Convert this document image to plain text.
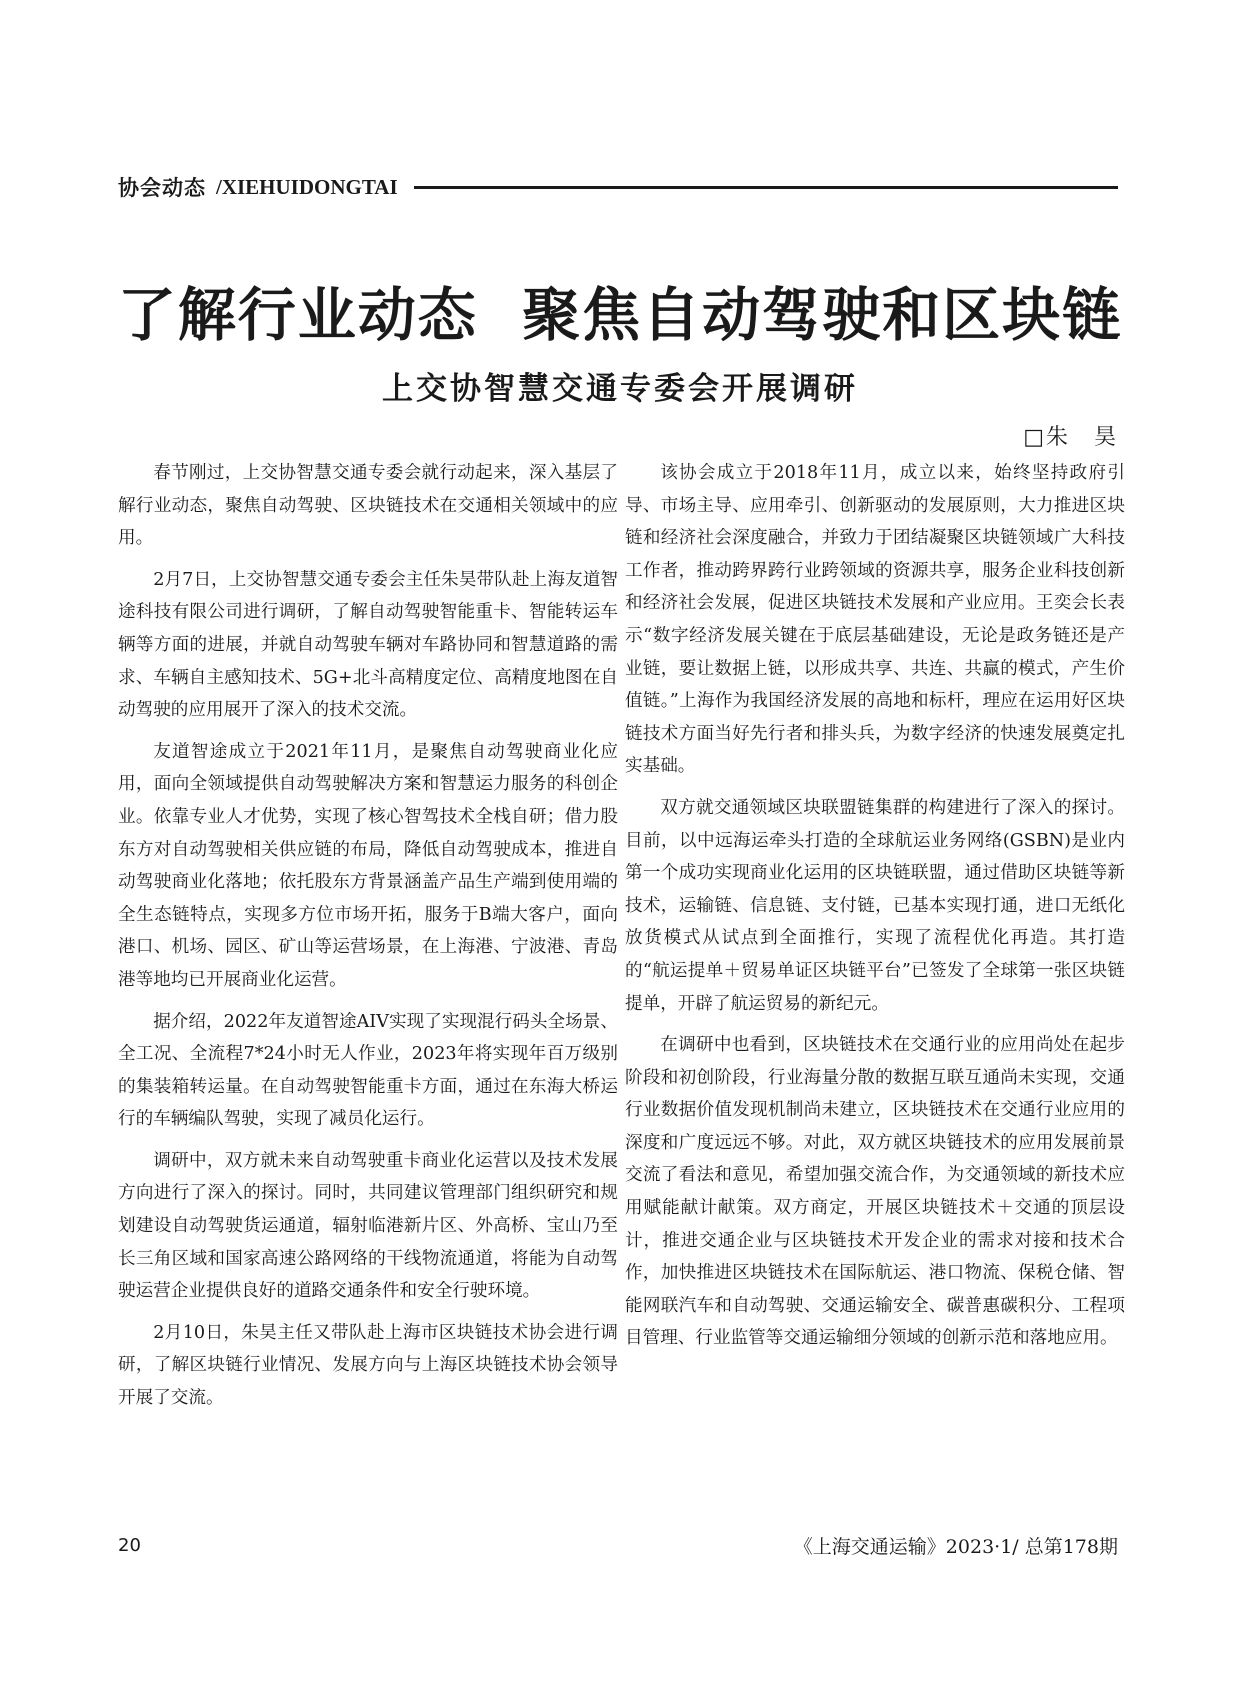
协会动态 /XIEHUIDONGTAI
了解行业动态  聚焦自动驾驶和区块链
上交协智慧交通专委会开展调研
□朱　昊

春节刚过，上交协智慧交通专委会就行动起来，深入基层了解行业动态，聚焦自动驾驶、区块链技术在交通相关领域中的应用。

2月7日，上交协智慧交通专委会主任朱昊带队赴上海友道智途科技有限公司进行调研，了解自动驾驶智能重卡、智能转运车辆等方面的进展，并就自动驾驶车辆对车路协同和智慧道路的需求、车辆自主感知技术、5G+北斗高精度定位、高精度地图在自动驾驶的应用展开了深入的技术交流。

友道智途成立于2021年11月，是聚焦自动驾驶商业化应用，面向全领域提供自动驾驶解决方案和智慧运力服务的科创企业。依靠专业人才优势，实现了核心智驾技术全栈自研；借力股东方对自动驾驶相关供应链的布局，降低自动驾驶成本，推进自动驾驶商业化落地；依托股东方背景涵盖产品生产端到使用端的全生态链特点，实现多方位市场开拓，服务于B端大客户，面向港口、机场、园区、矿山等运营场景，在上海港、宁波港、青岛港等地均已开展商业化运营。

据介绍，2022年友道智途AIV实现了实现混行码头全场景、全工况、全流程7*24小时无人作业，2023年将实现年百万级别的集装箱转运量。在自动驾驶智能重卡方面，通过在东海大桥运行的车辆编队驾驶，实现了减员化运行。

调研中，双方就未来自动驾驶重卡商业化运营以及技术发展方向进行了深入的探讨。同时，共同建议管理部门组织研究和规划建设自动驾驶货运通道，辐射临港新片区、外高桥、宝山乃至长三角区域和国家高速公路网络的干线物流通道，将能为自动驾驶运营企业提供良好的道路交通条件和安全行驶环境。

2月10日，朱昊主任又带队赴上海市区块链技术协会进行调研，了解区块链行业情况、发展方向与上海区块链技术协会领导开展了交流。

该协会成立于2018年11月，成立以来，始终坚持政府引导、市场主导、应用牵引、创新驱动的发展原则，大力推进区块链和经济社会深度融合，并致力于团结凝聚区块链领域广大科技工作者，推动跨界跨行业跨领域的资源共享，服务企业科技创新和经济社会发展，促进区块链技术发展和产业应用。王奕会长表示“数字经济发展关键在于底层基础建设，无论是政务链还是产业链，要让数据上链，以形成共享、共连、共赢的模式，产生价值链。”上海作为我国经济发展的高地和标杆，理应在运用好区块链技术方面当好先行者和排头兵，为数字经济的快速发展奠定扎实基础。

双方就交通领域区块联盟链集群的构建进行了深入的探讨。目前，以中远海运牵头打造的全球航运业务网络(GSBN)是业内第一个成功实现商业化运用的区块链联盟，通过借助区块链等新技术，运输链、信息链、支付链，已基本实现打通，进口无纸化放货模式从试点到全面推行，实现了流程优化再造。其打造的“航运提单＋贸易单证区块链平台”已签发了全球第一张区块链提单，开辟了航运贸易的新纪元。

在调研中也看到，区块链技术在交通行业的应用尚处在起步阶段和初创阶段，行业海量分散的数据互联互通尚未实现，交通行业数据价值发现机制尚未建立，区块链技术在交通行业应用的深度和广度远远不够。对此，双方就区块链技术的应用发展前景交流了看法和意见，希望加强交流合作，为交通领域的新技术应用赋能献计献策。双方商定，开展区块链技术＋交通的顶层设计，推进交通企业与区块链技术开发企业的需求对接和技术合作，加快推进区块链技术在国际航运、港口物流、保税仓储、智能网联汽车和自动驾驶、交通运输安全、碳普惠碳积分、工程项目管理、行业监管等交通运输细分领域的创新示范和落地应用。

20	《上海交通运输》2023·1/ 总第178期
